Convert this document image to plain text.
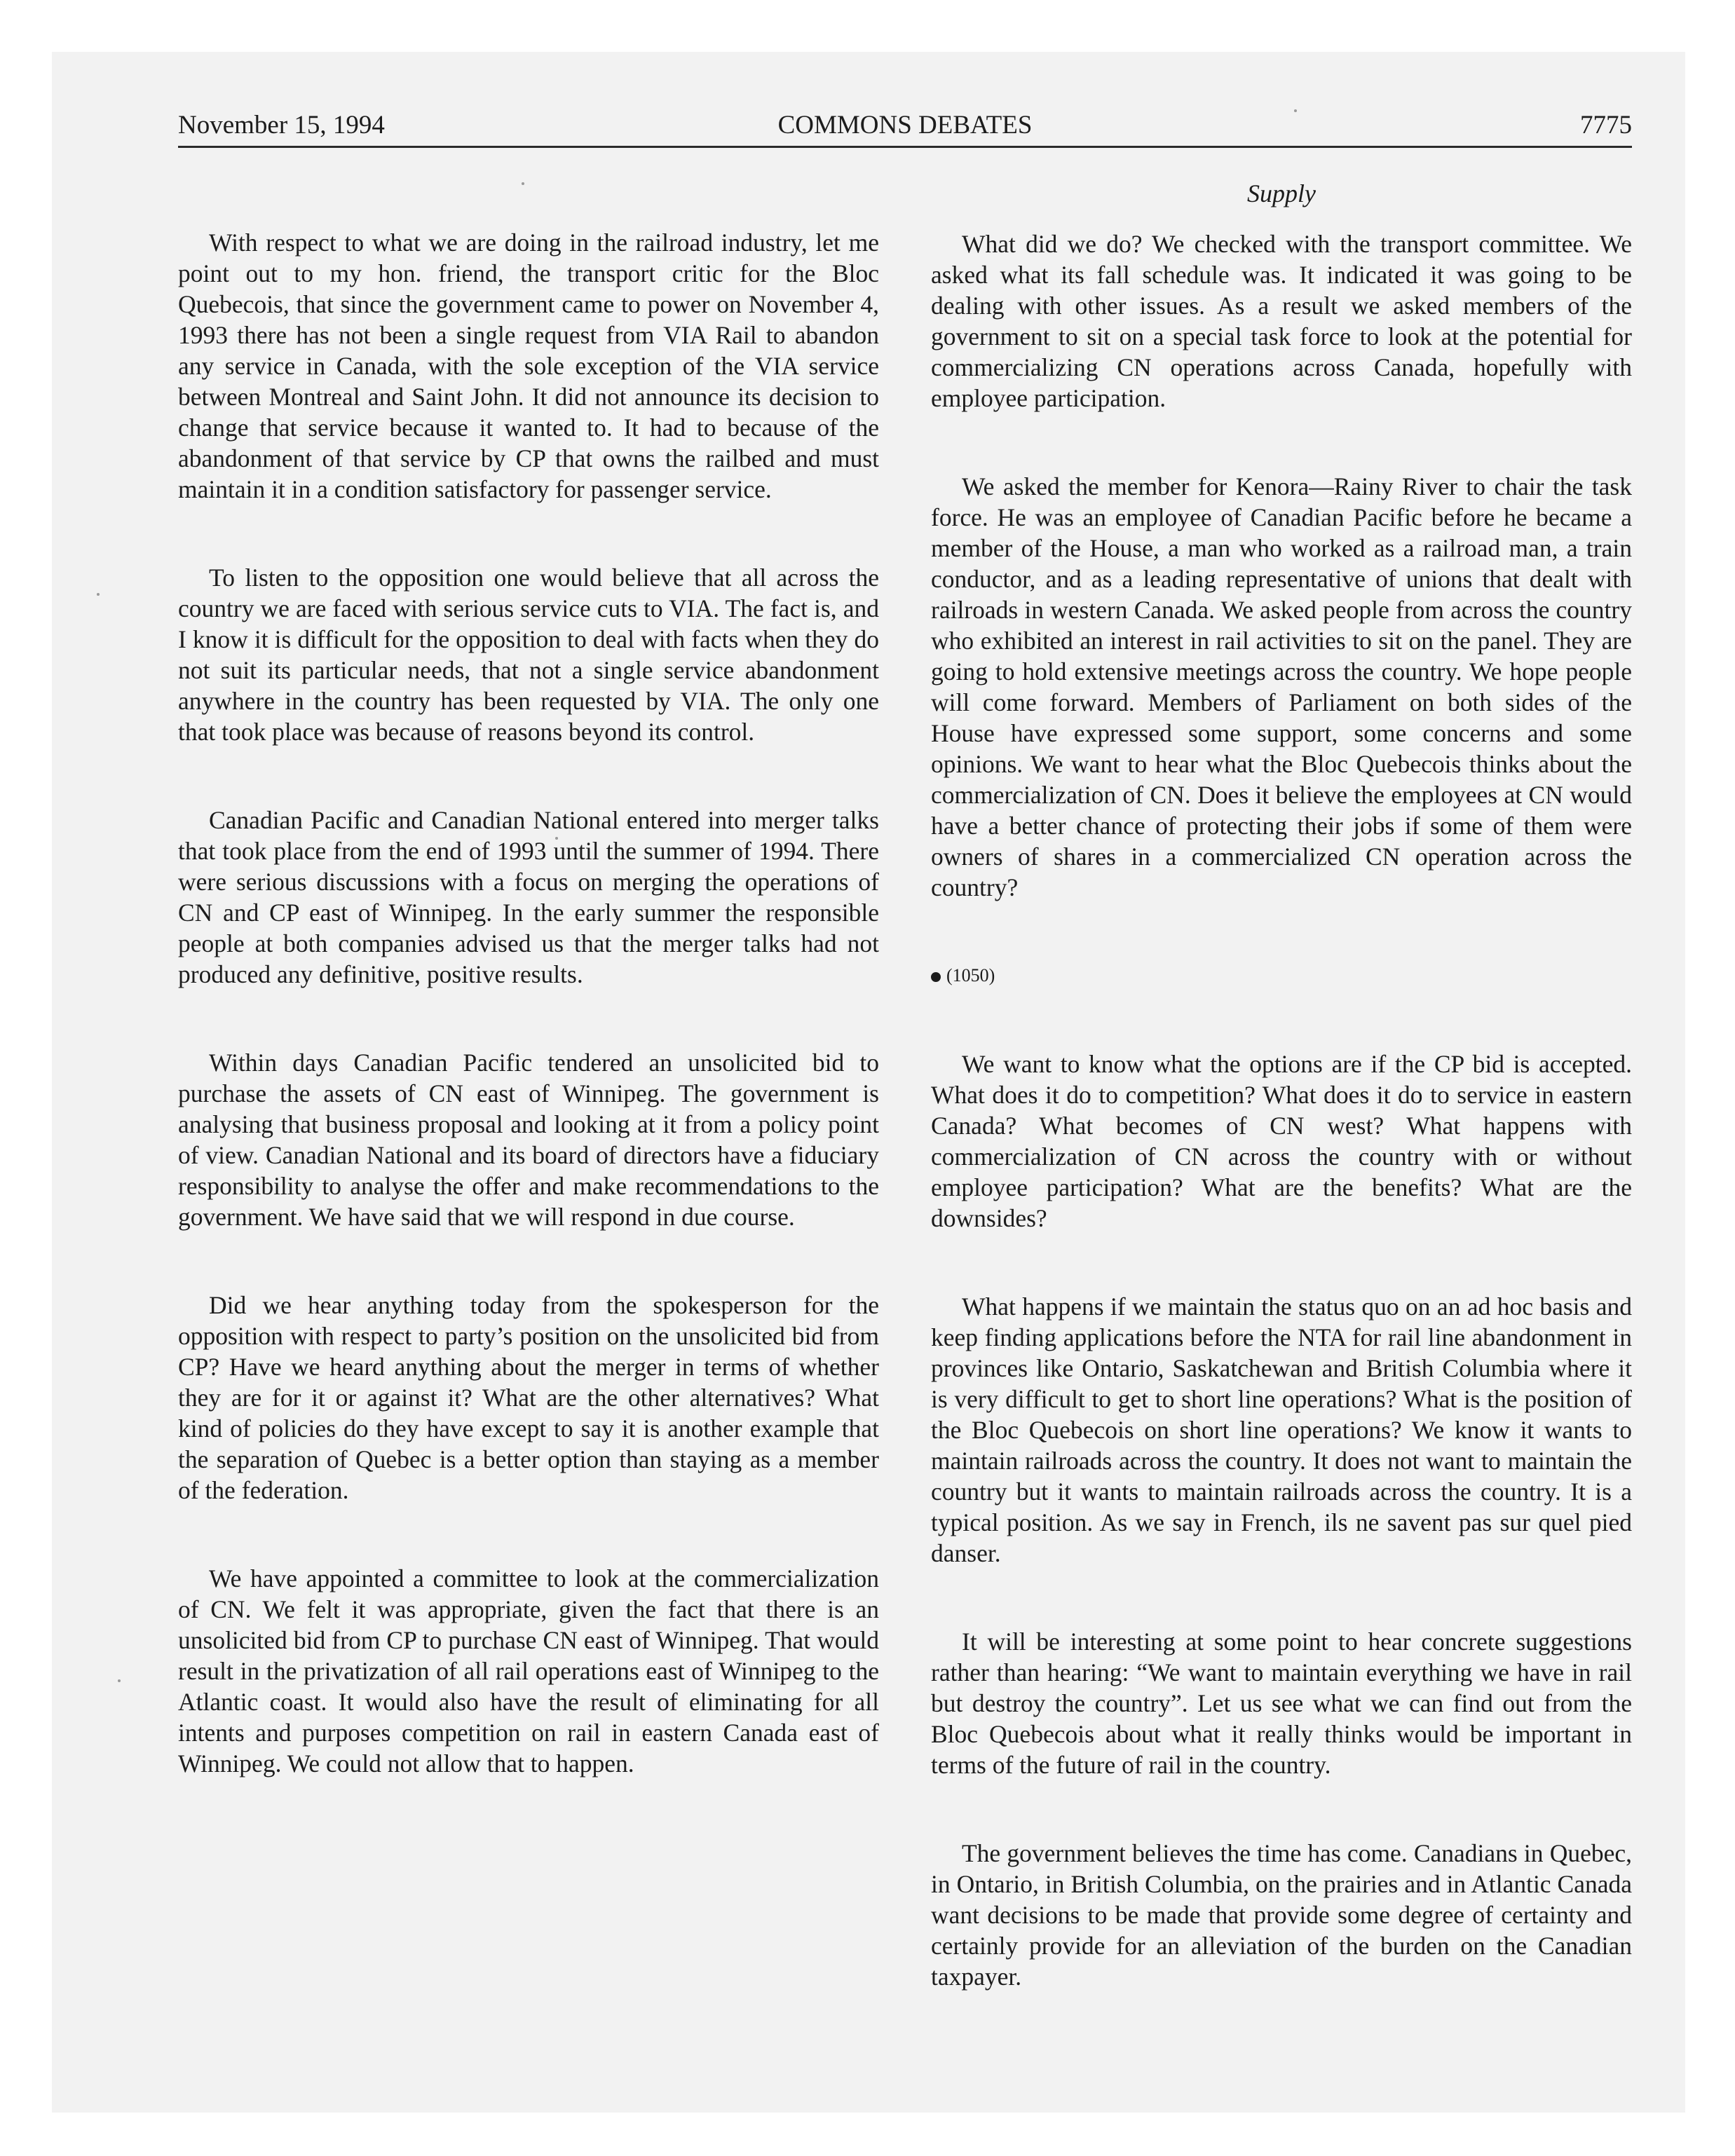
November 15, 1994	COMMONS DEBATES	7775

With respect to what we are doing in the railroad industry, let me point out to my hon. friend, the transport critic for the Bloc Quebecois, that since the government came to power on November 4, 1993 there has not been a single request from VIA Rail to abandon any service in Canada, with the sole exception of the VIA service between Montreal and Saint John. It did not announce its decision to change that service because it wanted to. It had to because of the abandonment of that service by CP that owns the railbed and must maintain it in a condition satisfactory for passenger service.

To listen to the opposition one would believe that all across the country we are faced with serious service cuts to VIA. The fact is, and I know it is difficult for the opposition to deal with facts when they do not suit its particular needs, that not a single service abandonment anywhere in the country has been requested by VIA. The only one that took place was because of reasons beyond its control.

Canadian Pacific and Canadian National entered into merger talks that took place from the end of 1993 until the summer of 1994. There were serious discussions with a focus on merging the operations of CN and CP east of Winnipeg. In the early summer the responsible people at both companies advised us that the merger talks had not produced any definitive, positive results.

Within days Canadian Pacific tendered an unsolicited bid to purchase the assets of CN east of Winnipeg. The government is analysing that business proposal and looking at it from a policy point of view. Canadian National and its board of directors have a fiduciary responsibility to analyse the offer and make recommendations to the government. We have said that we will respond in due course.

Did we hear anything today from the spokesperson for the opposition with respect to party’s position on the unsolicited bid from CP? Have we heard anything about the merger in terms of whether they are for it or against it? What are the other alternatives? What kind of policies do they have except to say it is another example that the separation of Quebec is a better option than staying as a member of the federation.

We have appointed a committee to look at the commercialization of CN. We felt it was appropriate, given the fact that there is an unsolicited bid from CP to purchase CN east of Winnipeg. That would result in the privatization of all rail operations east of Winnipeg to the Atlantic coast. It would also have the result of eliminating for all intents and purposes competition on rail in eastern Canada east of Winnipeg. We could not allow that to happen.

Supply

What did we do? We checked with the transport committee. We asked what its fall schedule was. It indicated it was going to be dealing with other issues. As a result we asked members of the government to sit on a special task force to look at the potential for commercializing CN operations across Canada, hopefully with employee participation.

We asked the member for Kenora—Rainy River to chair the task force. He was an employee of Canadian Pacific before he became a member of the House, a man who worked as a railroad man, a train conductor, and as a leading representative of unions that dealt with railroads in western Canada. We asked people from across the country who exhibited an interest in rail activities to sit on the panel. They are going to hold extensive meetings across the country. We hope people will come forward. Members of Parliament on both sides of the House have expressed some support, some concerns and some opinions. We want to hear what the Bloc Quebecois thinks about the commercialization of CN. Does it believe the employees at CN would have a better chance of protecting their jobs if some of them were owners of shares in a commercialized CN operation across the country?

(1050)

We want to know what the options are if the CP bid is accepted. What does it do to competition? What does it do to service in eastern Canada? What becomes of CN west? What happens with commercialization of CN across the country with or without employee participation? What are the benefits? What are the downsides?

What happens if we maintain the status quo on an ad hoc basis and keep finding applications before the NTA for rail line abandonment in provinces like Ontario, Saskatchewan and British Columbia where it is very difficult to get to short line operations? What is the position of the Bloc Quebecois on short line operations? We know it wants to maintain railroads across the country. It does not want to maintain the country but it wants to maintain railroads across the country. It is a typical position. As we say in French, ils ne savent pas sur quel pied danser.

It will be interesting at some point to hear concrete suggestions rather than hearing: “We want to maintain everything we have in rail but destroy the country”. Let us see what we can find out from the Bloc Quebecois about what it really thinks would be important in terms of the future of rail in the country.

The government believes the time has come. Canadians in Quebec, in Ontario, in British Columbia, on the prairies and in Atlantic Canada want decisions to be made that provide some degree of certainty and certainly provide for an alleviation of the burden on the Canadian taxpayer.
